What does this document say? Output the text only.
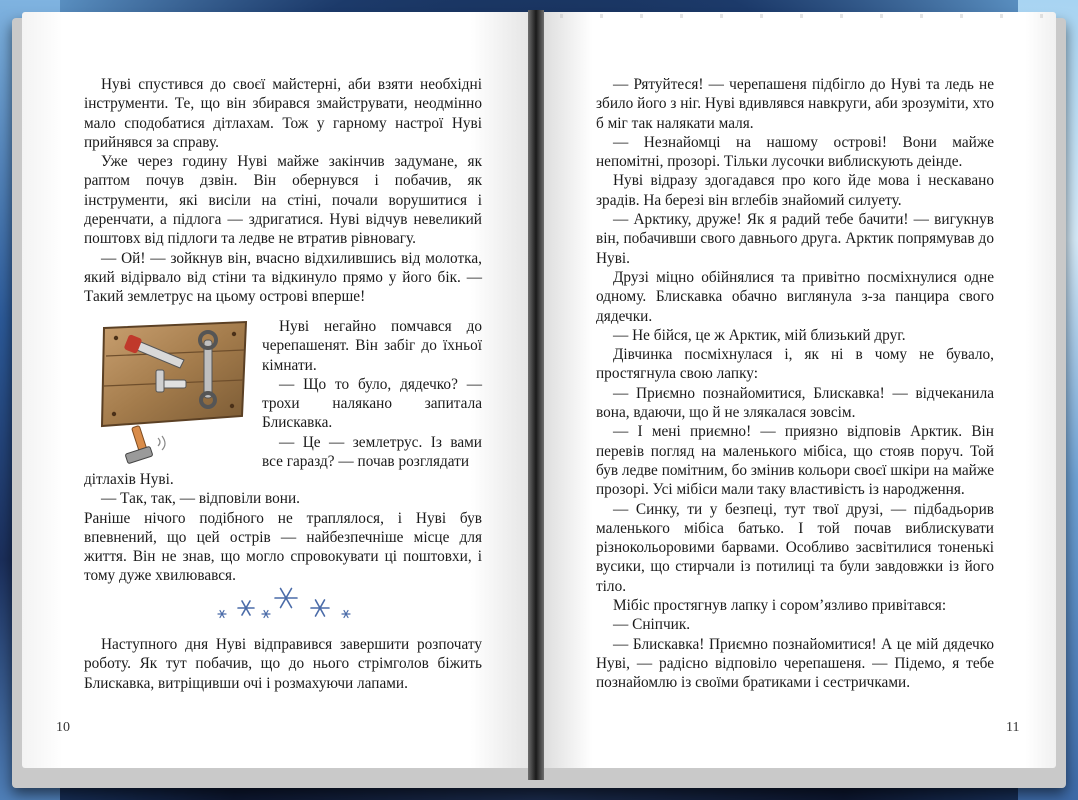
Нуві спустився до своєї майстерні, аби взяти необхідні інструменти. Те, що він збирався змайструвати, неодмінно мало сподобатися дітлахам. Тож у гарному настрої Нуві прийнявся за справу.

Уже через годину Нуві майже закінчив задумане, як раптом почув дзвін. Він обернувся і побачив, як інструменти, які висіли на стіні, почали ворушитися і деренчати, а підлога — здригатися. Нуві відчув невеликий поштовх від підлоги та ледве не втратив рівновагу.

— Ой! — зойкнув він, вчасно відхилившись від молотка, який відірвало від стіни та відкинуло прямо у його бік. — Такий землетрус на цьому острові вперше!

Нуві негайно помчався до черепашенят. Він забіг до їхньої кімнати.

— Що то було, дядечко? — трохи налякано запитала Блискавка.

— Це — землетрус. Із вами все гаразд? — почав розглядати

дітлахів Нуві.

— Так, так, — відповіли вони.

Раніше нічого подібного не траплялося, і Нуві був впевнений, що цей острів — найбезпечніше місце для життя. Він не знав, що могло спровокувати ці поштовхи, і тому дуже хвилювався.

Наступного дня Нуві відправився завершити розпочату роботу. Як тут побачив, що до нього стрімголов біжить Блискавка, витріщивши очі і розмахуючи лапами.

10

— Рятуйтеся! — черепашеня підбігло до Нуві та ледь не збило його з ніг. Нуві вдивлявся навкруги, аби зрозуміти, хто б міг так налякати маля.

— Незнайомці на нашому острові! Вони майже непомітні, прозорі. Тільки лусочки виблискують деінде.

Нуві відразу здогадався про кого йде мова і нескавано зрадів. На березі він вглебів знайомий силуету.

— Арктику, друже! Як я радий тебе бачити! — вигукнув він, побачивши свого давнього друга. Арктик попрямував до Нуві.

Друзі міцно обійнялися та привітно посміхнулися одне одному. Блискавка обачно виглянула з-за панцира свого дядечки.

— Не бійся, це ж Арктик, мій близький друг.

Дівчинка посміхнулася і, як ні в чому не бувало, простягнула свою лапку:

— Приємно познайомитися, Блискавка! — відчеканила вона, вдаючи, що й не злякалася зовсім.

— І мені приємно! — приязно відповів Арктик. Він перевів погляд на маленького мібіса, що стояв поруч. Той був ледве помітним, бо змінив кольори своєї шкіри на майже прозорі. Усі мібіси мали таку властивість із народження.

— Синку, ти у безпеці, тут твої друзі, — підбадьорив маленького мібіса батько. І той почав виблискувати різнокольоровими барвами. Особливо засвітилися тоненькі вусики, що стирчали із потилиці та були завдовжки із його тіло.

Мібіс простягнув лапку і сором’язливо привітався:

— Сніпчик.

— Блискавка! Приємно познайомитися! А це мій дядечко Нуві, — радісно відповіло черепашеня. — Підемо, я тебе познайомлю із своїми братиками і сестричками.

11
